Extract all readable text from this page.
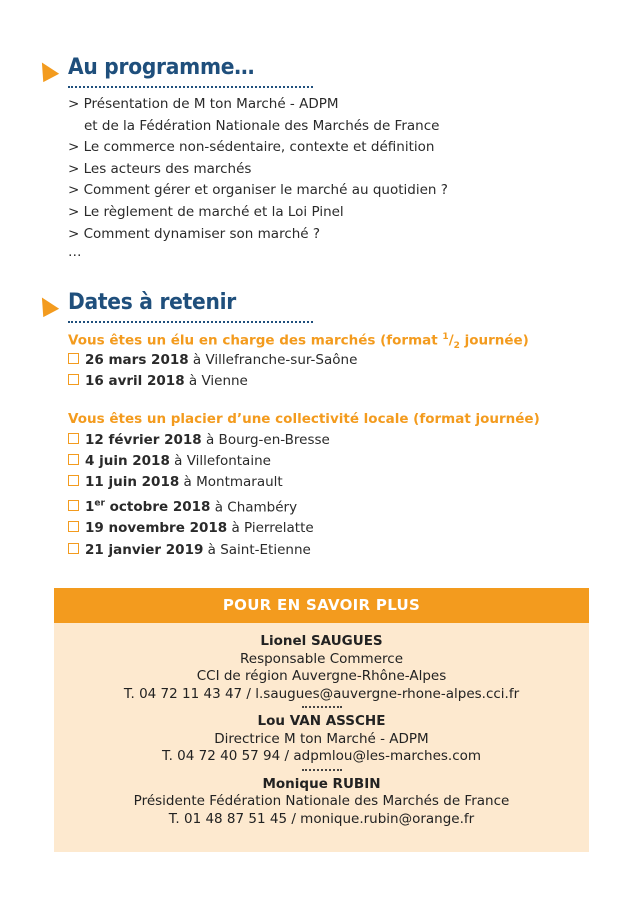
Au programme…
> Présentation de M ton Marché - ADPM
et de la Fédération Nationale des Marchés de France
> Le commerce non-sédentaire, contexte et définition
> Les acteurs des marchés
> Comment gérer et organiser le marché au quotidien ?
> Le règlement de marché et la Loi Pinel
> Comment dynamiser son marché ?
…
Dates à retenir
Vous êtes un élu en charge des marchés (format $^1/_2$ journée)
26 mars 2018 à Villefranche-sur-Saône
16 avril 2018 à Vienne
Vous êtes un placier d’une collectivité locale (format journée)
12 février 2018 à Bourg-en-Bresse
4 juin 2018 à Villefontaine
11 juin 2018 à Montmarault
1er octobre 2018 à Chambéry
19 novembre 2018 à Pierrelatte
21 janvier 2019 à Saint-Etienne
POUR EN SAVOIR PLUS
Lionel SAUGUES
Responsable Commerce
CCI de région Auvergne-Rhône-Alpes
T. 04 72 11 43 47 / l.saugues@auvergne-rhone-alpes.cci.fr
Lou VAN ASSCHE
Directrice M ton Marché - ADPM
T. 04 72 40 57 94 / adpmlou@les-marches.com
Monique RUBIN
Présidente Fédération Nationale des Marchés de France
T. 01 48 87 51 45 / monique.rubin@orange.fr
